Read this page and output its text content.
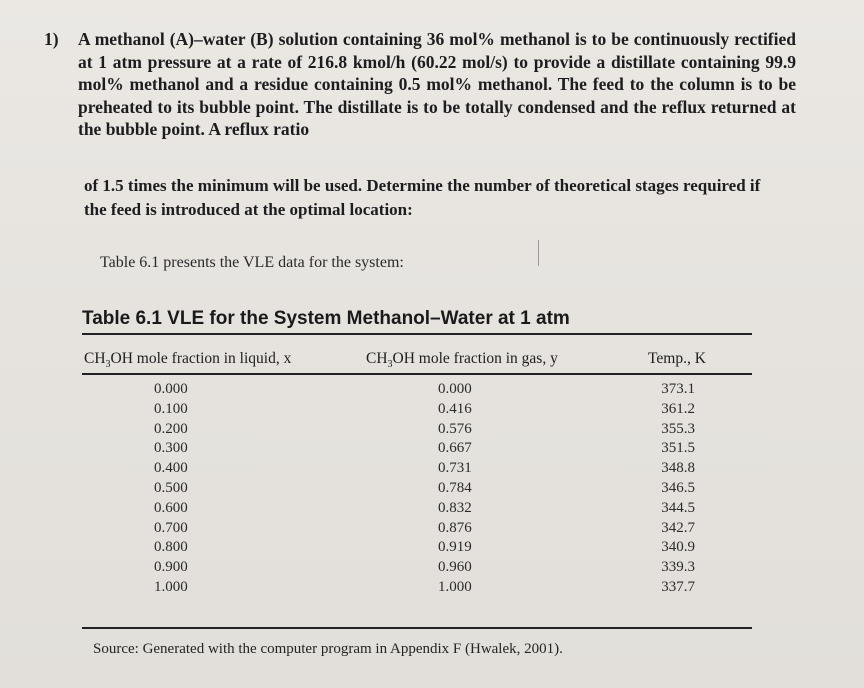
1) A methanol (A)–water (B) solution containing 36 mol% methanol is to be continuously rectified at 1 atm pressure at a rate of 216.8 kmol/h (60.22 mol/s) to provide a distillate containing 99.9 mol% methanol and a residue containing 0.5 mol% methanol. The feed to the column is to be preheated to its bubble point. The distillate is to be totally condensed and the reflux returned at the bubble point. A reflux ratio
of 1.5 times the minimum will be used. Determine the number of theoretical stages required if the feed is introduced at the optimal location:
Table 6.1 presents the VLE data for the system:
Table 6.1 VLE for the System Methanol–Water at 1 atm
$CH_3OH$ mole fraction in liquid, x	$CH_3OH$ mole fraction in gas, y	Temp., K
0.000
0.100
0.200
0.300
0.400
0.500
0.600
0.700
0.800
0.900
1.000
0.000
0.416
0.576
0.667
0.731
0.784
0.832
0.876
0.919
0.960
1.000
373.1
361.2
355.3
351.5
348.8
346.5
344.5
342.7
340.9
339.3
337.7
Source: Generated with the computer program in Appendix F (Hwalek, 2001).
